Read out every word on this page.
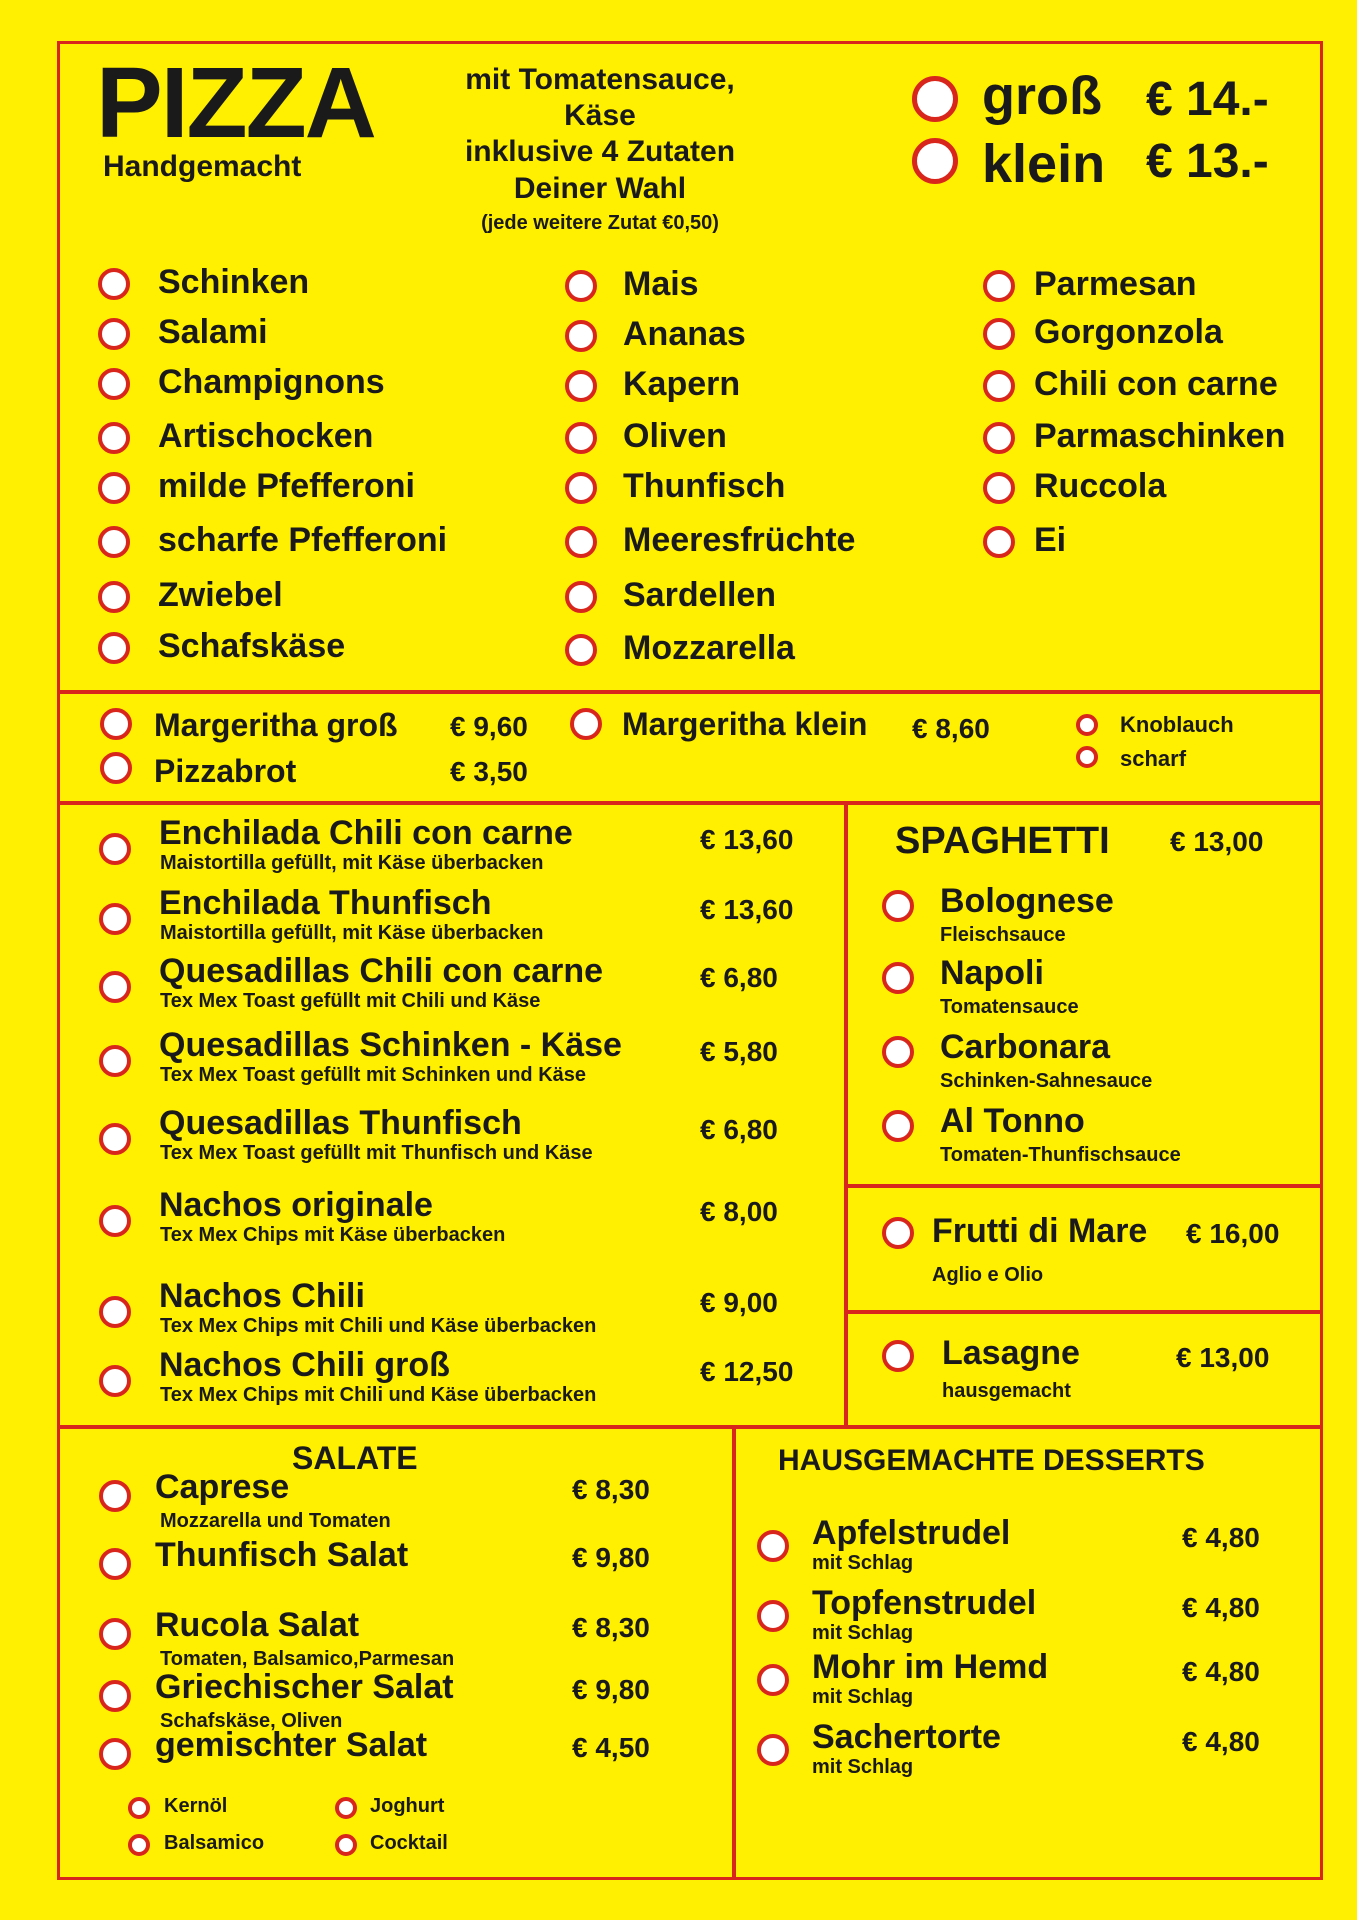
PIZZA
Handgemacht
mit Tomatensauce, Käse
inklusive 4 Zutaten
Deiner Wahl
(jede weitere Zutat €0,50)
groß € 14.-
klein € 13.-
Schinken
Salami
Champignons
Artischocken
milde Pfefferoni
scharfe Pfefferoni
Zwiebel
Schafskäse
Mais
Ananas
Kapern
Oliven
Thunfisch
Meeresfrüchte
Sardellen
Mozzarella
Parmesan
Gorgonzola
Chili con carne
Parmaschinken
Ruccola
Ei
Margeritha groß € 9,60
Pizzabrot	€ 3,50
Margeritha klein € 8,60	Knoblauch
scharf
Enchilada Chili con carne
Maistortilla gefüllt, mit Käse überbacken
€ 13,60
Enchilada Thunfisch
Maistortilla gefüllt, mit Käse überbacken
€ 13,60
Quesadillas Chili con carne
Tex Mex Toast gefüllt mit Chili und Käse
€ 6,80
Quesadillas Schinken - Käse
Tex Mex Toast gefüllt mit Schinken und Käse
€ 5,80
Quesadillas Thunfisch
Tex Mex Toast gefüllt mit Thunfisch und Käse
€ 6,80
Nachos originale
Tex Mex Chips mit Käse überbacken
€ 8,00
Nachos Chili
Tex Mex Chips mit Chili und Käse überbacken
€ 9,00
Nachos Chili groß
Tex Mex Chips mit Chili und Käse überbacken
€ 12,50
SPAGHETTI € 13,00
Bolognese
Fleischsauce
Napoli
Tomatensauce
Carbonara
Schinken-Sahnesauce
Al Tonno
Tomaten-Thunfischsauce
Frutti di Mare € 16,00
Aglio e Olio
Lasagne	€ 13,00
hausgemacht
SALATE
Caprese
Mozzarella und Tomaten
€ 8,30
Thunfisch Salat	€ 9,80
Rucola Salat
Tomaten, Balsamico,Parmesan
€ 8,30
Griechischer Salat
Schafskäse, Oliven
€ 9,80
gemischter Salat	€ 4,50
Kernöl	Joghurt
Balsamico	Cocktail
HAUSGEMACHTE DESSERTS
Apfelstrudel
mit Schlag
€ 4,80
Topfenstrudel
mit Schlag
€ 4,80
Mohr im Hemd
mit Schlag
€ 4,80
Sachertorte
mit Schlag
€ 4,80
